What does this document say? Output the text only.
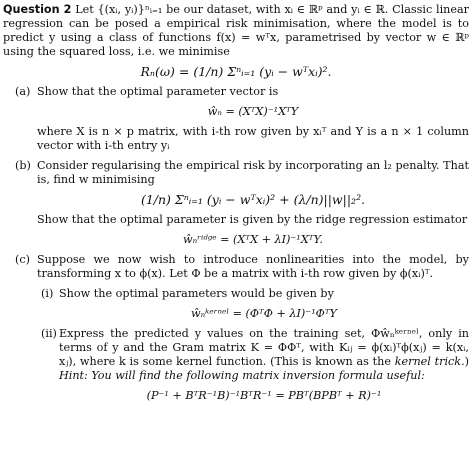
Question 2 Let {(xᵢ, yᵢ)}ⁿᵢ₌₁ be our dataset, with xᵢ ∈ ℝᵖ and yᵢ ∈ ℝ. Classic linear regression can be posed a empirical risk minimisation, where the model is to predict y using a class of functions f(x) = wᵀx, parametrised by vector w ∈ ℝᵖ using the squared loss, i.e. we minimise

Rₙ(ω) = (1/n) Σⁿᵢ₌₁ (yᵢ − wᵀxᵢ)².

(a) Show that the optimal parameter vector is

ŵₙ = (XᵀX)⁻¹XᵀY

where X is n × p matrix, with i-th row given by xᵢᵀ and Y is a n × 1 column vector with i-th entry yᵢ

(b) Consider regularising the empirical risk by incorporating an l₂ penalty. That is, find w minimising

(1/n) Σⁿᵢ₌₁ (yᵢ − wᵀxᵢ)² + (λ/n)||w||₂².

Show that the optimal parameter is given by the ridge regression estimator

ŵₙʳⁱᵈᵍᵉ = (XᵀX + λI)⁻¹XᵀY.

(c) Suppose we now wish to introduce nonlinearities into the model, by transforming x to ϕ(x). Let Φ be a matrix with i-th row given by ϕ(xᵢ)ᵀ.

(i) Show the optimal parameters would be given by

ŵₙᵏᵉʳⁿᵉˡ = (ΦᵀΦ + λI)⁻¹ΦᵀY

(ii) Express the predicted y values on the training set, Φŵₙᵏᵉʳⁿᵉˡ, only in terms of y and the Gram matrix K = ΦΦᵀ, with Kᵢⱼ = ϕ(xᵢ)ᵀϕ(xⱼ) = k(xᵢ, xⱼ), where k is some kernel function. (This is known as the kernel trick.) Hint: You will find the following matrix inversion formula useful:

(P⁻¹ + BᵀR⁻¹B)⁻¹BᵀR⁻¹ = PBᵀ(BPBᵀ + R)⁻¹
